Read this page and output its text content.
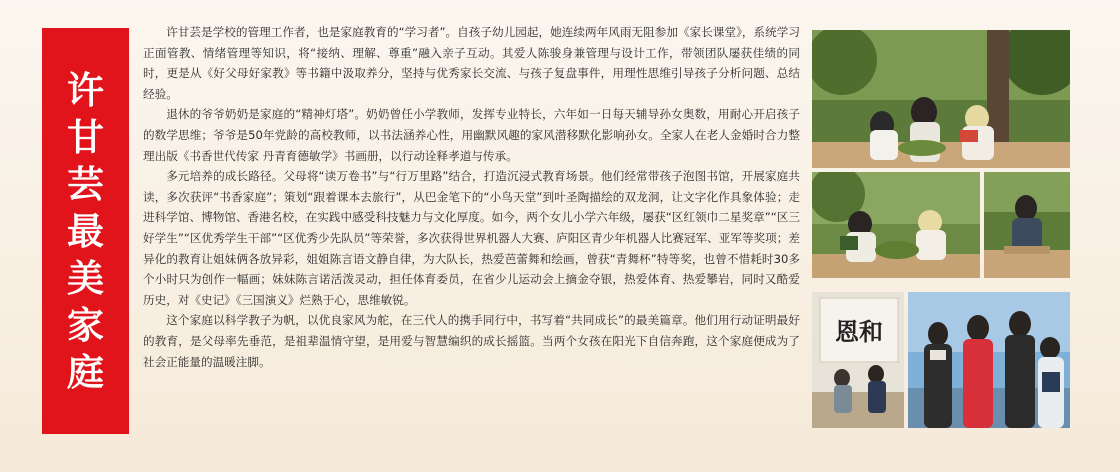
许
甘
芸
最
美
家
庭

许甘芸是学校的管理工作者，也是家庭教育的“学习者”。自孩子幼儿园起，她连续两年风雨无阻参加《家长课堂》，系统学习正面管教、情绪管理等知识，将“接纳、理解、尊重”融入亲子互动。其爱人陈骏身兼管理与设计工作，带领团队屡获佳绩的同时，更是从《好父母好家教》等书籍中汲取养分，坚持与优秀家长交流、与孩子复盘事件，用理性思维引导孩子分析问题、总结经验。

退休的爷爷奶奶是家庭的“精神灯塔”。奶奶曾任小学教师，发挥专业特长，六年如一日每天辅导孙女奥数，用耐心开启孩子的数学思维；爷爷是50年党龄的高校教师，以书法涵养心性，用幽默风趣的家风潜移默化影响孙女。全家人在老人金婚时合力整理出版《书香世代传家 丹青育德敏学》书画册，以行动诠释孝道与传承。

多元培养的成长路径。父母将“读万卷书”与“行万里路”结合，打造沉浸式教育场景。他们经常带孩子泡图书馆，开展家庭共读，多次获评“书香家庭”；策划“跟着课本去旅行”，从巴金笔下的“小鸟天堂”到叶圣陶描绘的双龙洞，让文字化作具象体验；走进科学馆、博物馆、香港名校，在实践中感受科技魅力与文化厚度。如今，两个女儿小学六年级，屡获“区红领巾二星奖章”“区三好学生”“区优秀学生干部”“区优秀少先队员”等荣誉，多次获得世界机器人大赛、庐阳区青少年机器人比赛冠军、亚军等奖项；差异化的教育让姐妹俩各放异彩，姐姐陈言语文静自律，为大队长，热爱芭蕾舞和绘画，曾获“青舞杯”特等奖，也曾不惜耗时30多个小时只为创作一幅画；妹妹陈言诺活泼灵动，担任体育委员，在省少儿运动会上摘金夺银，热爱体育、热爱攀岩，同时又酷爱历史，对《史记》《三国演义》烂熟于心，思维敏锐。

这个家庭以科学教子为帆，以优良家风为舵，在三代人的携手同行中，书写着“共同成长”的最美篇章。他们用行动证明最好的教育，是父母率先垂范，是祖辈温情守望，是用爱与智慧编织的成长摇篮。当两个女孩在阳光下自信奔跑，这个家庭便成为了社会正能量的温暖注脚。

恩和
